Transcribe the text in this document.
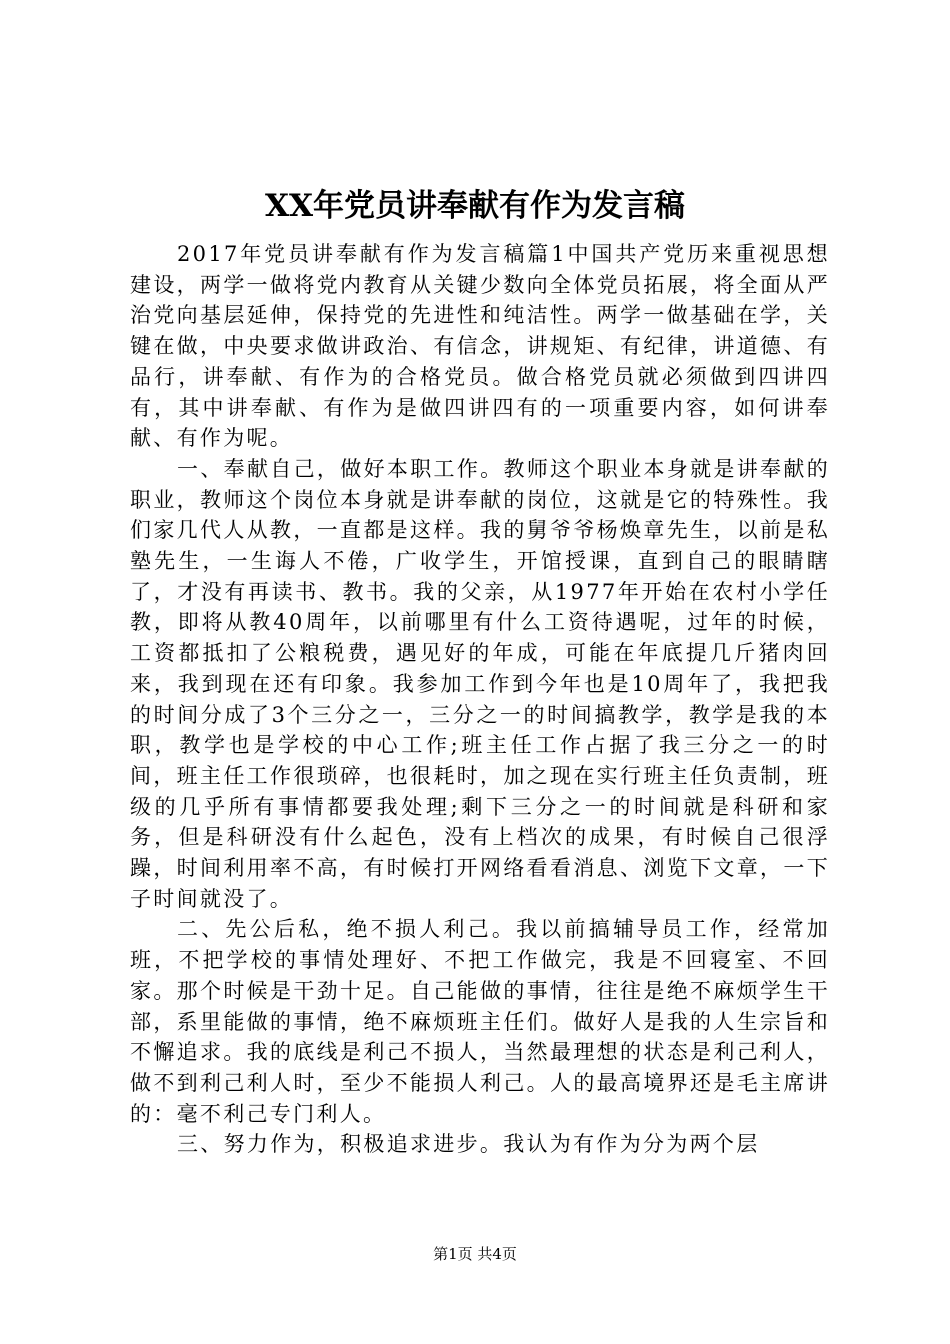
XX年党员讲奉献有作为发言稿

2017年党员讲奉献有作为发言稿篇1中国共产党历来重视思想建设，两学一做将党内教育从关键少数向全体党员拓展，将全面从严治党向基层延伸，保持党的先进性和纯洁性。两学一做基础在学，关键在做，中央要求做讲政治、有信念，讲规矩、有纪律，讲道德、有品行，讲奉献、有作为的合格党员。做合格党员就必须做到四讲四有，其中讲奉献、有作为是做四讲四有的一项重要内容，如何讲奉献、有作为呢。

一、奉献自己，做好本职工作。教师这个职业本身就是讲奉献的职业，教师这个岗位本身就是讲奉献的岗位，这就是它的特殊性。我们家几代人从教，一直都是这样。我的舅爷爷杨焕章先生，以前是私塾先生，一生诲人不倦，广收学生，开馆授课，直到自己的眼睛瞎了，才没有再读书、教书。我的父亲，从1977年开始在农村小学任教，即将从教40周年，以前哪里有什么工资待遇呢，过年的时候，工资都抵扣了公粮税费，遇见好的年成，可能在年底提几斤猪肉回来，我到现在还有印象。我参加工作到今年也是10周年了，我把我的时间分成了3个三分之一，三分之一的时间搞教学，教学是我的本职，教学也是学校的中心工作;班主任工作占据了我三分之一的时间，班主任工作很琐碎，也很耗时，加之现在实行班主任负责制，班级的几乎所有事情都要我处理;剩下三分之一的时间就是科研和家务，但是科研没有什么起色，没有上档次的成果，有时候自己很浮躁，时间利用率不高，有时候打开网络看看消息、浏览下文章，一下子时间就没了。

二、先公后私，绝不损人利己。我以前搞辅导员工作，经常加班，不把学校的事情处理好、不把工作做完，我是不回寝室、不回家。那个时候是干劲十足。自己能做的事情，往往是绝不麻烦学生干部，系里能做的事情，绝不麻烦班主任们。做好人是我的人生宗旨和不懈追求。我的底线是利己不损人，当然最理想的状态是利己利人，做不到利己利人时，至少不能损人利己。人的最高境界还是毛主席讲的：毫不利己专门利人。

三、努力作为，积极追求进步。我认为有作为分为两个层

第1页 共4页
